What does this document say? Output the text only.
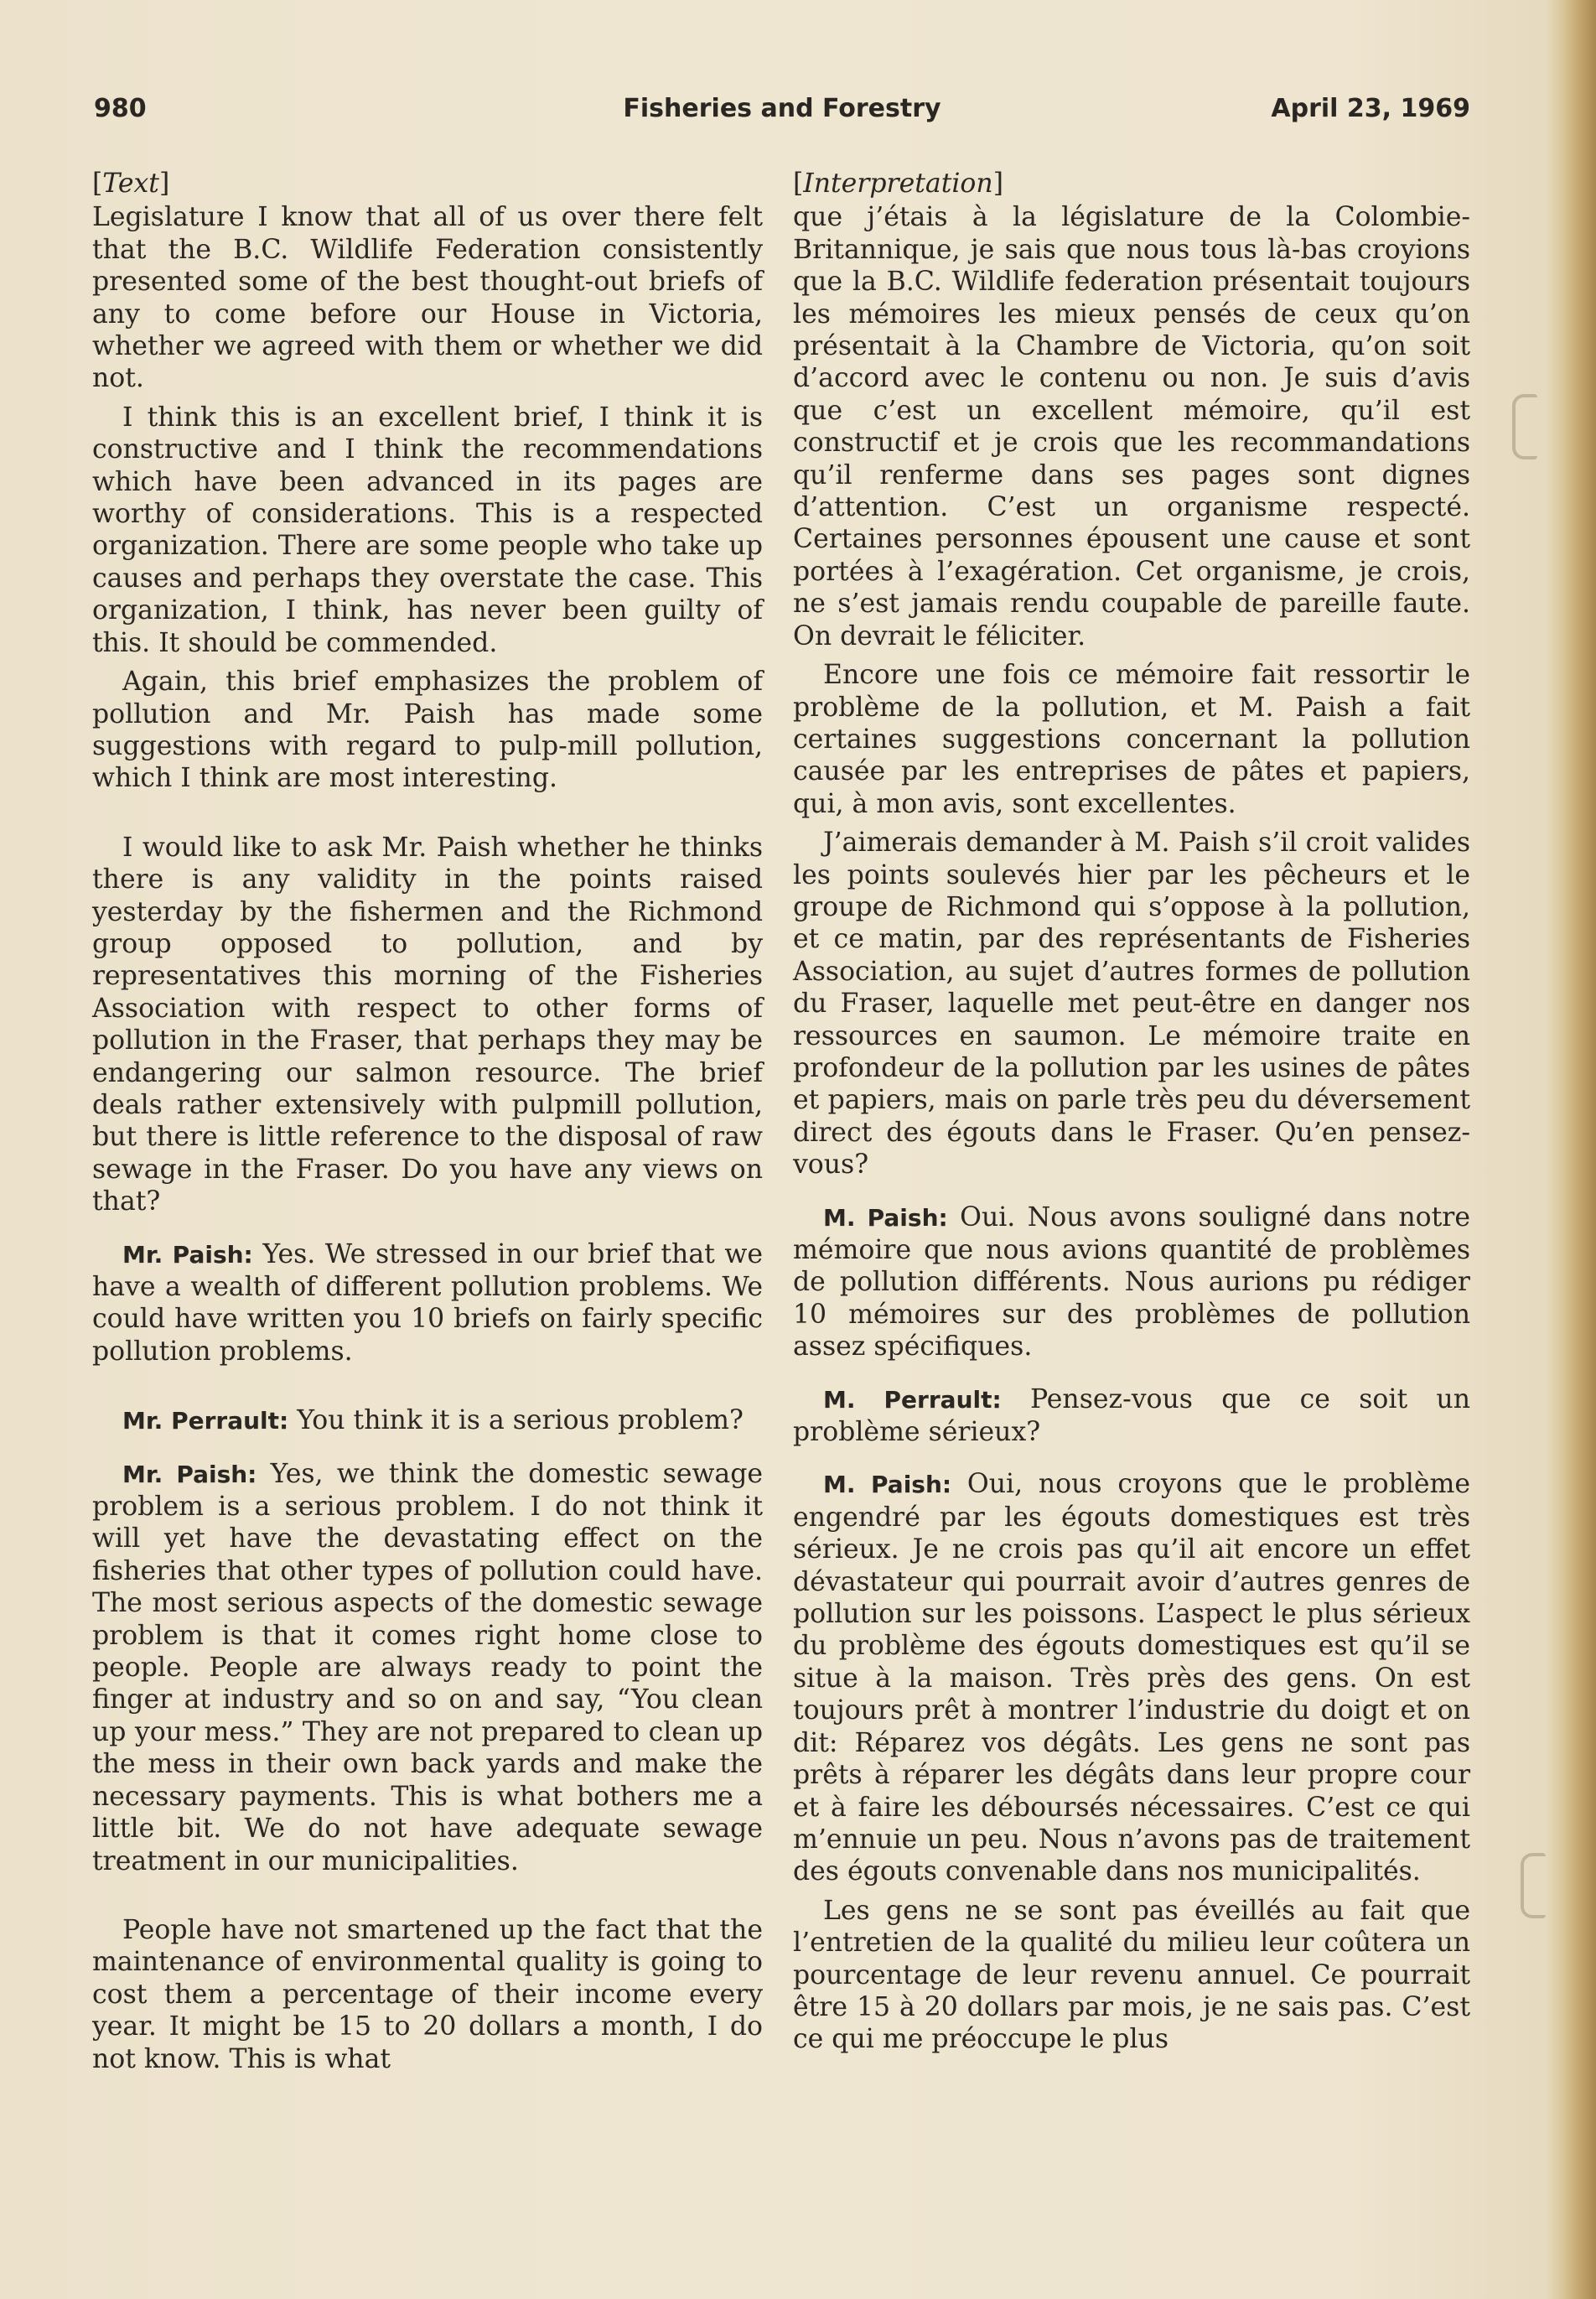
980	Fisheries and Forestry	April 23, 1969

[Text]

Legislature I know that all of us over there felt that the B.C. Wildlife Federation consistently presented some of the best thought-out briefs of any to come before our House in Victoria, whether we agreed with them or whether we did not.

I think this is an excellent brief, I think it is constructive and I think the recommendations which have been advanced in its pages are worthy of considerations. This is a respected organization. There are some people who take up causes and perhaps they overstate the case. This organization, I think, has never been guilty of this. It should be commended.

Again, this brief emphasizes the problem of pollution and Mr. Paish has made some suggestions with regard to pulp-mill pollution, which I think are most interesting.

I would like to ask Mr. Paish whether he thinks there is any validity in the points raised yesterday by the fishermen and the Richmond group opposed to pollution, and by representatives this morning of the Fisheries Association with respect to other forms of pollution in the Fraser, that perhaps they may be endangering our salmon resource. The brief deals rather extensively with pulpmill pollution, but there is little reference to the disposal of raw sewage in the Fraser. Do you have any views on that?

Mr. Paish: Yes. We stressed in our brief that we have a wealth of different pollution problems. We could have written you 10 briefs on fairly specific pollution problems.

Mr. Perrault: You think it is a serious problem?

Mr. Paish: Yes, we think the domestic sewage problem is a serious problem. I do not think it will yet have the devastating effect on the fisheries that other types of pollution could have. The most serious aspects of the domestic sewage problem is that it comes right home close to people. People are always ready to point the finger at industry and so on and say, “You clean up your mess.” They are not prepared to clean up the mess in their own back yards and make the necessary payments. This is what bothers me a little bit. We do not have adequate sewage treatment in our municipalities.

People have not smartened up the fact that the maintenance of environmental quality is going to cost them a percentage of their income every year. It might be 15 to 20 dollars a month, I do not know. This is what

[Interpretation]

que j’étais à la législature de la Colombie-Britannique, je sais que nous tous là-bas croyions que la B.C. Wildlife federation présentait toujours les mémoires les mieux pensés de ceux qu’on présentait à la Chambre de Victoria, qu’on soit d’accord avec le contenu ou non. Je suis d’avis que c’est un excellent mémoire, qu’il est constructif et je crois que les recommandations qu’il renferme dans ses pages sont dignes d’attention. C’est un organisme respecté. Certaines personnes épousent une cause et sont portées à l’exagération. Cet organisme, je crois, ne s’est jamais rendu coupable de pareille faute. On devrait le féliciter.

Encore une fois ce mémoire fait ressortir le problème de la pollution, et M. Paish a fait certaines suggestions concernant la pollution causée par les entreprises de pâtes et papiers, qui, à mon avis, sont excellentes.

J’aimerais demander à M. Paish s’il croit valides les points soulevés hier par les pêcheurs et le groupe de Richmond qui s’oppose à la pollution, et ce matin, par des représentants de Fisheries Association, au sujet d’autres formes de pollution du Fraser, laquelle met peut-être en danger nos ressources en saumon. Le mémoire traite en profondeur de la pollution par les usines de pâtes et papiers, mais on parle très peu du déversement direct des égouts dans le Fraser. Qu’en pensez-vous?

M. Paish: Oui. Nous avons souligné dans notre mémoire que nous avions quantité de problèmes de pollution différents. Nous aurions pu rédiger 10 mémoires sur des problèmes de pollution assez spécifiques.

M. Perrault: Pensez-vous que ce soit un problème sérieux?

M. Paish: Oui, nous croyons que le problème engendré par les égouts domestiques est très sérieux. Je ne crois pas qu’il ait encore un effet dévastateur qui pourrait avoir d’autres genres de pollution sur les poissons. L’aspect le plus sérieux du problème des égouts domestiques est qu’il se situe à la maison. Très près des gens. On est toujours prêt à montrer l’industrie du doigt et on dit: Réparez vos dégâts. Les gens ne sont pas prêts à réparer les dégâts dans leur propre cour et à faire les déboursés nécessaires. C’est ce qui m’ennuie un peu. Nous n’avons pas de traitement des égouts convenable dans nos municipalités.

Les gens ne se sont pas éveillés au fait que l’entretien de la qualité du milieu leur coûtera un pourcentage de leur revenu annuel. Ce pourrait être 15 à 20 dollars par mois, je ne sais pas. C’est ce qui me préoccupe le plus
